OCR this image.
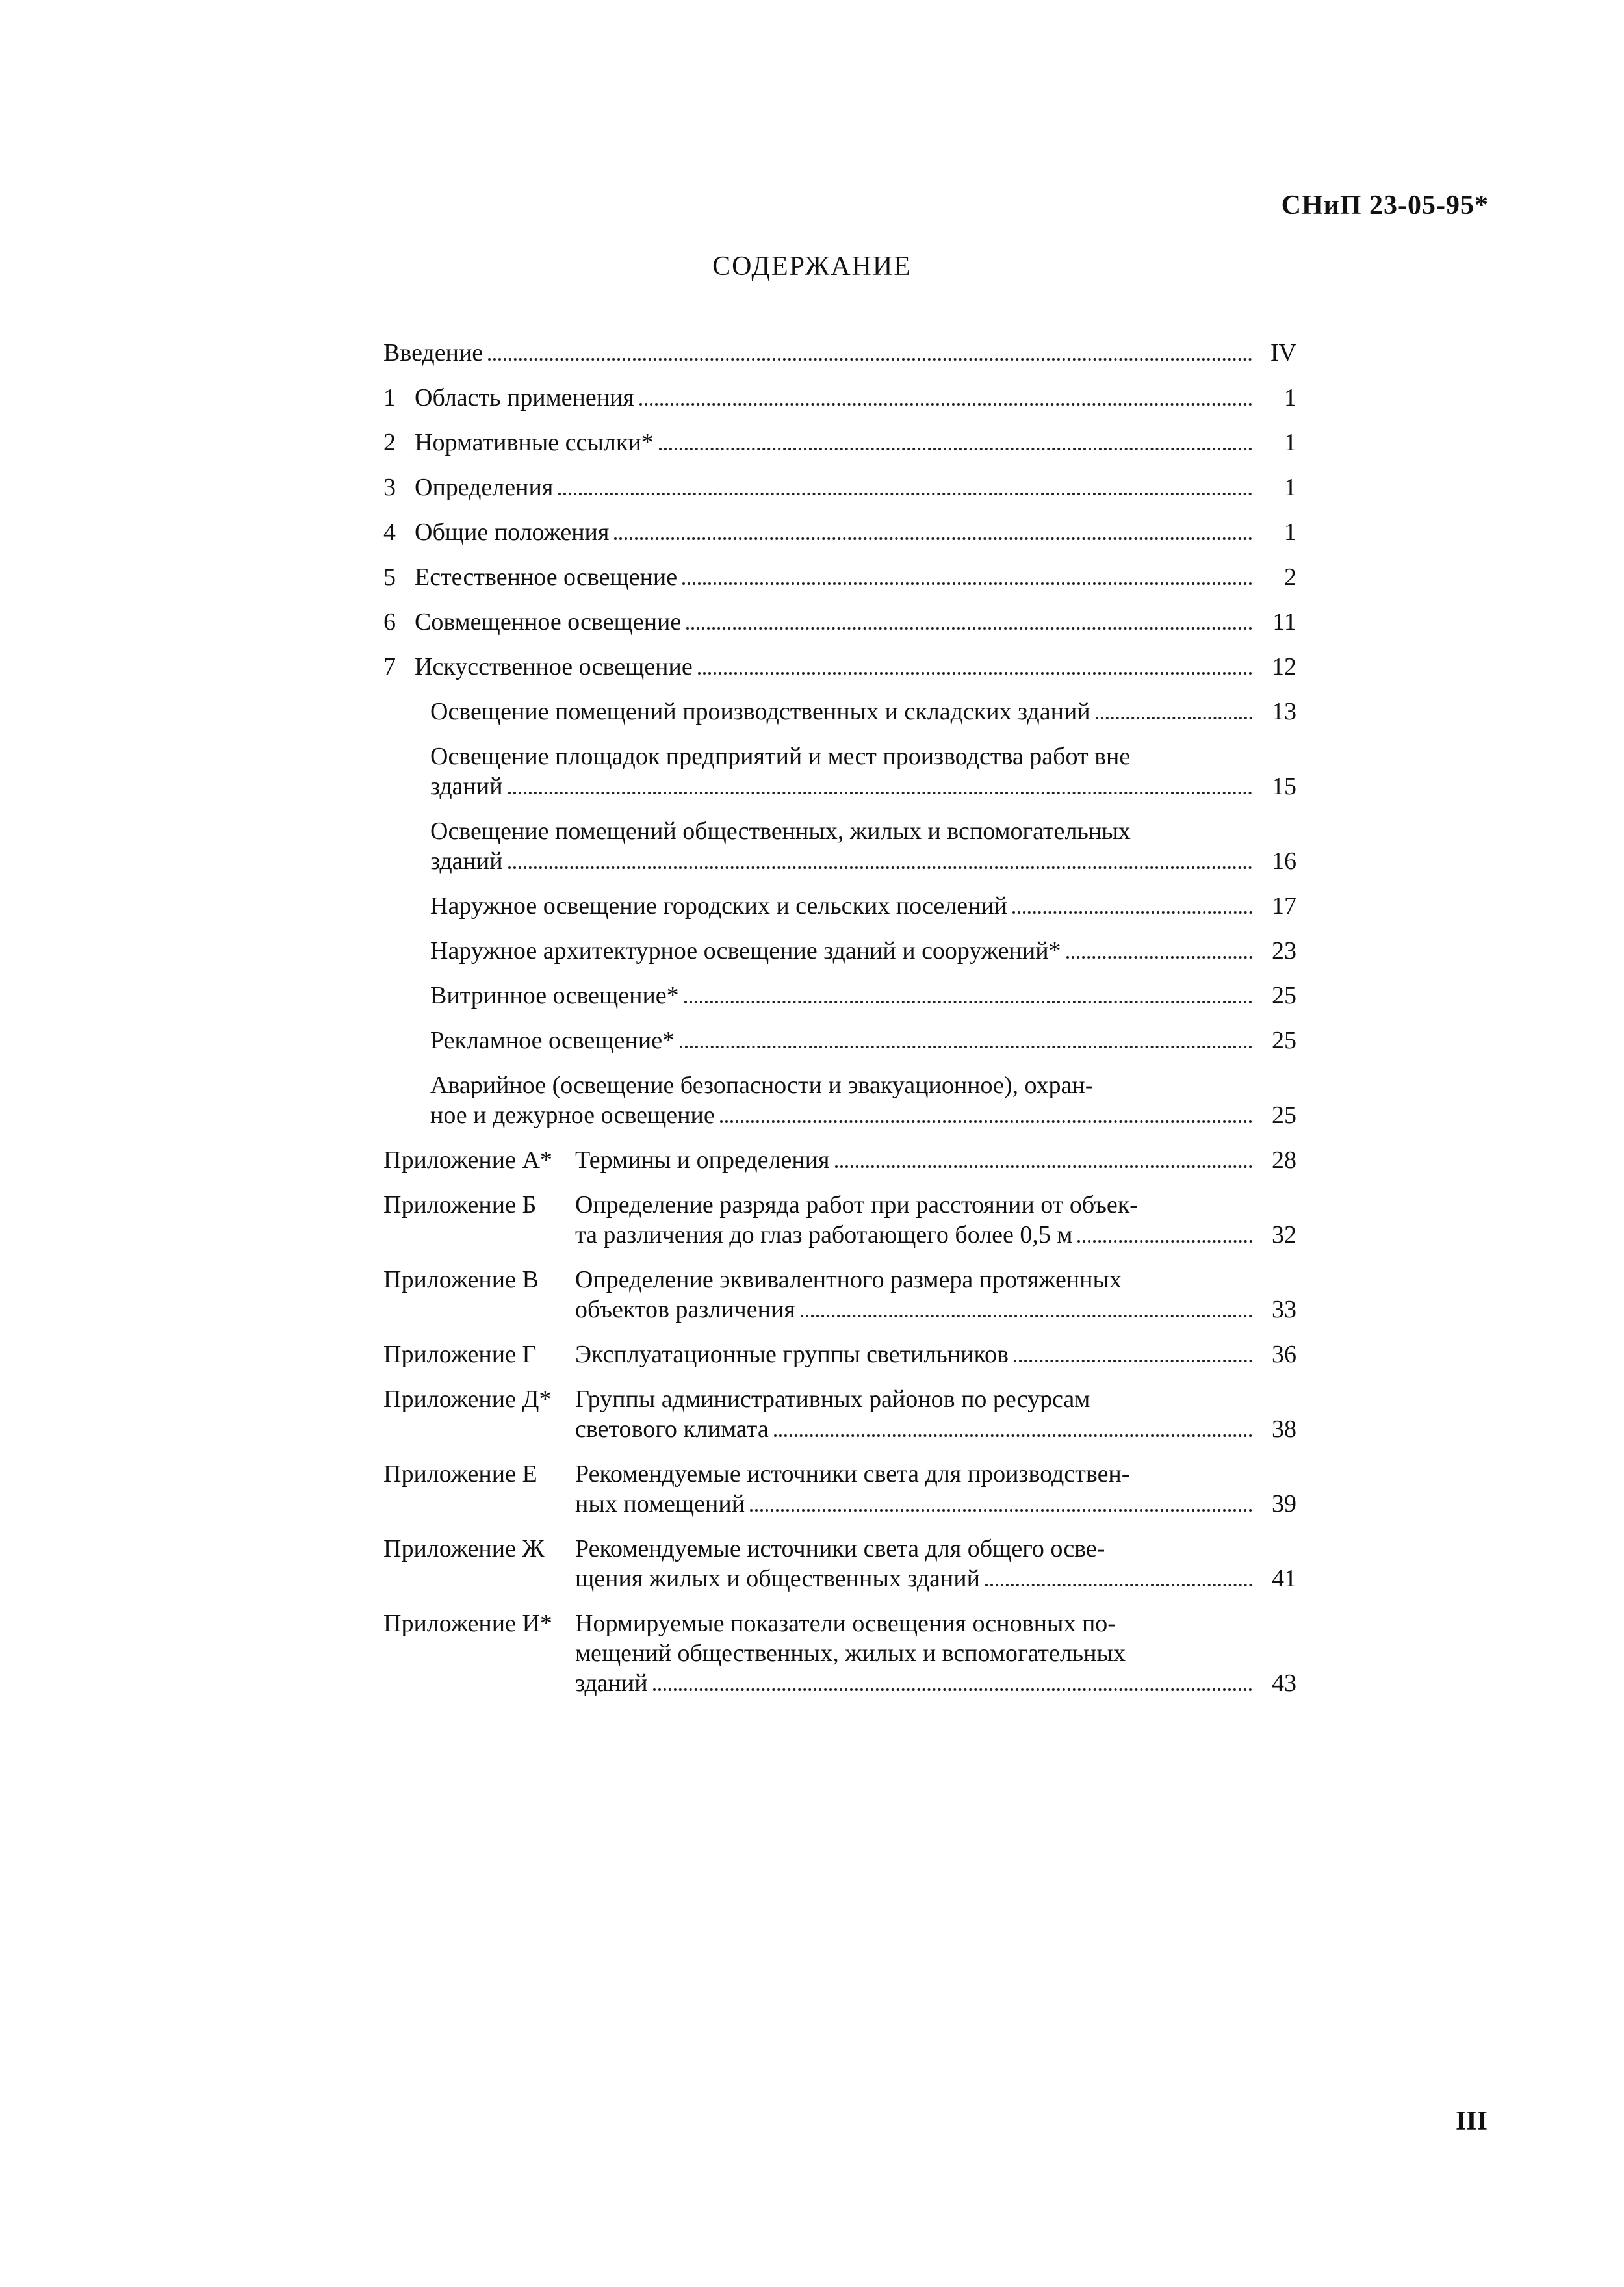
СНиП 23-05-95*
СОДЕРЖАНИЕ
Введение	IV
1 Область применения	1
2 Нормативные ссылки*	1
3 Определения	1
4 Общие положения	1
5 Естественное освещение	2
6 Совмещенное освещение	11
7 Искусственное освещение	12
Освещение помещений производственных и складских зданий	13
Освещение площадок предприятий и мест производства работ вне
зданий	15
Освещение помещений общественных, жилых и вспомогательных
зданий	16
Наружное освещение городских и сельских поселений	17
Наружное архитектурное освещение зданий и сооружений*	23
Витринное освещение*	25
Рекламное освещение*	25
Аварийное (освещение безопасности и эвакуационное), охран-
ное и дежурное освещение	25
Приложение А* Термины и определения	28
Приложение Б	Определение разряда работ при расстоянии от объек-
та различения до глаз работающего более 0,5 м	32
Приложение В	Определение эквивалентного размера протяженных
объектов различения	33
Приложение Г	Эксплуатационные группы светильников	36
Приложение Д* Группы административных районов по ресурсам
светового климата	38
Приложение Е	Рекомендуемые источники света для производствен-
ных помещений	39
Приложение Ж	Рекомендуемые источники света для общего осве-
щения жилых и общественных зданий	41
Приложение И* Нормируемые показатели освещения основных по-
мещений общественных, жилых и вспомогательных
зданий	43
III
